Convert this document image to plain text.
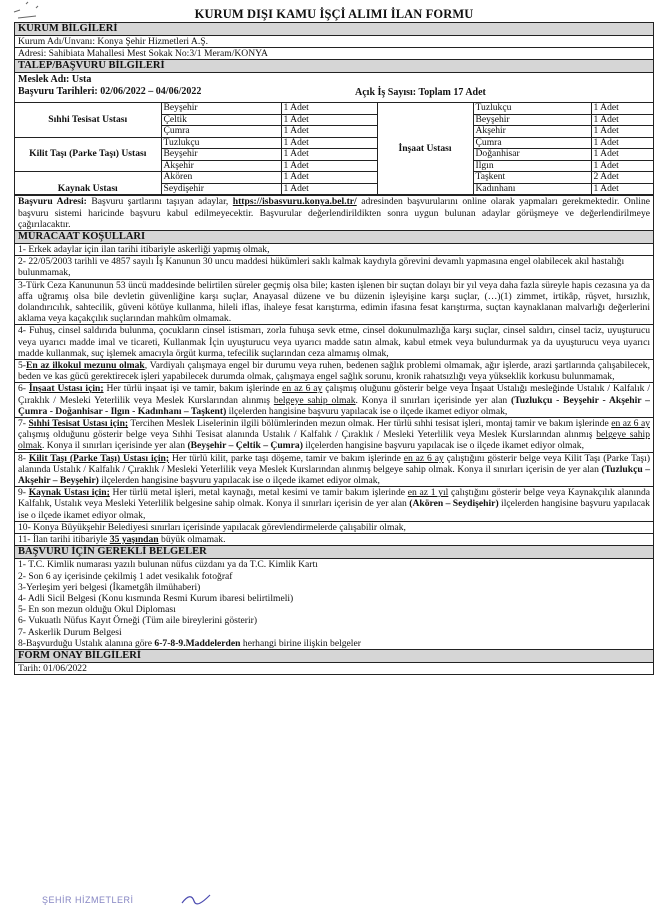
KURUM DIŞI KAMU İŞÇİ ALIMI İLAN FORMU
KURUM BİLGİLERİ
Kurum Adı/Unvanı: Konya Şehir Hizmetleri A.Ş.
Adresi: Sahibiata Mahallesi Mest Sokak No:3/1 Meram/KONYA
TALEP/BAŞVURU BİLGİLERİ
Meslek Adı: Usta
Başvuru Tarihleri: 02/06/2022 – 04/06/2022	Açık İş Sayısı: Toplam 17 Adet
Sıhhi Tesisat Ustası	Beyşehir	1 Adet	İnşaat Ustası	Tuzlukçu	1 Adet
	Çeltik	1 Adet		Beyşehir	1 Adet
	Çumra	1 Adet		Akşehir	1 Adet
Kilit Taşı (Parke Taşı) Ustası	Tuzlukçu	1 Adet		Çumra	1 Adet
	Beyşehir	1 Adet		Doğanhisar	1 Adet
	Akşehir	1 Adet		Ilgın	1 Adet
Kaynak Ustası	Akören	1 Adet		Taşkent	2 Adet
	Seydişehir	1 Adet		Kadınhanı	1 Adet
Başvuru Adresi: Başvuru şartlarını taşıyan adaylar, https://isbasvuru.konya.bel.tr/ adresinden başvurularını online olarak yapmaları gerekmektedir. Online başvuru sistemi haricinde başvuru kabul edilmeyecektir. Başvurular değerlendirildikten sonra uygun bulunan adaylar görüşmeye ve değerlendirilmeye çağırılacaktır.
MÜRACAAT KOŞULLARI
1- Erkek adaylar için ilan tarihi itibariyle askerliği yapmış olmak,
2- 22/05/2003 tarihli ve 4857 sayılı İş Kanunun 30 uncu maddesi hükümleri saklı kalmak kaydıyla görevini devamlı yapmasına engel olabilecek akıl hastalığı bulunmamak,
3-Türk Ceza Kanununun 53 üncü maddesinde belirtilen süreler geçmiş olsa bile; kasten işlenen bir suçtan dolayı bir yıl veya daha fazla süreyle hapis cezasına ya da affa uğramış olsa bile devletin güvenliğine karşı suçlar, Anayasal düzene ve bu düzenin işleyişine karşı suçlar, (…)(1) zimmet, irtikâp, rüşvet, hırsızlık, dolandırıcılık, sahtecilik, güveni kötüye kullanma, hileli iflas, ihaleye fesat karıştırma, edimin ifasına fesat karıştırma, suçtan kaynaklanan malvarlığı değerlerini aklama veya kaçakçılık suçlarından mahkûm olmamak.
4- Fuhuş, cinsel saldırıda bulunma, çocukların cinsel istismarı, zorla fuhuşa sevk etme, cinsel dokunulmazlığa karşı suçlar, cinsel saldırı, cinsel taciz, uyuşturucu veya uyarıcı madde imal ve ticareti, Kullanmak İçin uyuşturucu veya uyarıcı madde satın almak, kabul etmek veya bulundurmak ya da uyuşturucu veya uyarıcı madde kullanmak, suç işlemek amacıyla örgüt kurma, tefecilik suçlarından ceza almamış olmak,
5-En az ilkokul mezunu olmak, Vardiyalı çalışmaya engel bir durumu veya ruhen, bedenen sağlık problemi olmamak, ağır işlerde, arazi şartlarında çalışabilecek, beden ve kas gücü gerektirecek işleri yapabilecek durumda olmak, çalışmaya engel sağlık sorunu, kronik rahatsızlığı veya yükseklik korkusu bulunmamak,
6- İnşaat Ustası için; Her türlü inşaat işi ve tamir, bakım işlerinde en az 6 ay çalışmış oluğunu gösterir belge veya İnşaat Ustalığı mesleğinde Ustalık / Kalfalık / Çıraklık / Mesleki Yeterlilik veya Meslek Kurslarından alınmış belgeye sahip olmak. Konya il sınırları içerisinde yer alan (Tuzlukçu - Beyşehir - Akşehir – Çumra - Doğanhisar - Ilgın - Kadınhanı – Taşkent) ilçelerden hangisine başvuru yapılacak ise o ilçede ikamet ediyor olmak,
7- Sıhhi Tesisat Ustası için; Tercihen Meslek Liselerinin ilgili bölümlerinden mezun olmak. Her türlü sıhhi tesisat işleri, montaj tamir ve bakım işlerinde en az 6 ay çalışmış olduğunu gösterir belge veya Sıhhi Tesisat alanında Ustalık / Kalfalık / Çıraklık / Mesleki Yeterlilik veya Meslek Kurslarından alınmış belgeye sahip olmak. Konya il sınırları içerisinde yer alan (Beyşehir – Çeltik – Çumra) ilçelerden hangisine başvuru yapılacak ise o ilçede ikamet ediyor olmak,
8- Kilit Taşı (Parke Taşı) Ustası için; Her türlü kilit, parke taşı döşeme, tamir ve bakım işlerinde en az 6 ay çalıştığını gösterir belge veya Kilit Taşı (Parke Taşı) alanında Ustalık / Kalfalık / Çıraklık / Mesleki Yeterlilik veya Meslek Kurslarından alınmış belgeye sahip olmak. Konya il sınırları içerisin de yer alan (Tuzlukçu – Akşehir – Beyşehir) ilçelerden hangisine başvuru yapılacak ise o ilçede ikamet ediyor olmak,
9- Kaynak Ustası için; Her türlü metal işleri, metal kaynağı, metal kesimi ve tamir bakım işlerinde en az 1 yıl çalıştığını gösterir belge veya Kaynakçılık alanında Kalfalık, Ustalık veya Mesleki Yeterlilik belgesine sahip olmak. Konya il sınırları içerisin de yer alan (Akören – Seydişehir) ilçelerden hangisine başvuru yapılacak ise o ilçede ikamet ediyor olmak,
10- Konya Büyükşehir Belediyesi sınırları içerisinde yapılacak görevlendirmelerde çalışabilir olmak,
11- İlan tarihi itibariyle 35 yaşından büyük olmamak.
BAŞVURU İÇİN GEREKLİ BELGELER
1- T.C. Kimlik numarası yazılı bulunan nüfus cüzdanı ya da T.C. Kimlik Kartı
2- Son 6 ay içerisinde çekilmiş 1 adet vesikalık fotoğraf
3-Yerleşim yeri belgesi (İkametgâh ilmühaberi)
4- Adli Sicil Belgesi (Konu kısmında Resmi Kurum ibaresi belirtilmeli)
5- En son mezun olduğu Okul Diploması
6- Vukuatlı Nüfus Kayıt Örneği (Tüm aile bireylerini gösterir)
7- Askerlik Durum Belgesi
8-Başvurduğu Ustalık alanına göre 6-7-8-9.Maddelerden herhangi birine ilişkin belgeler
FORM ONAY BİLGİLERİ
Tarih: 01/06/2022
ŞEHİR HİZMETLERİ
